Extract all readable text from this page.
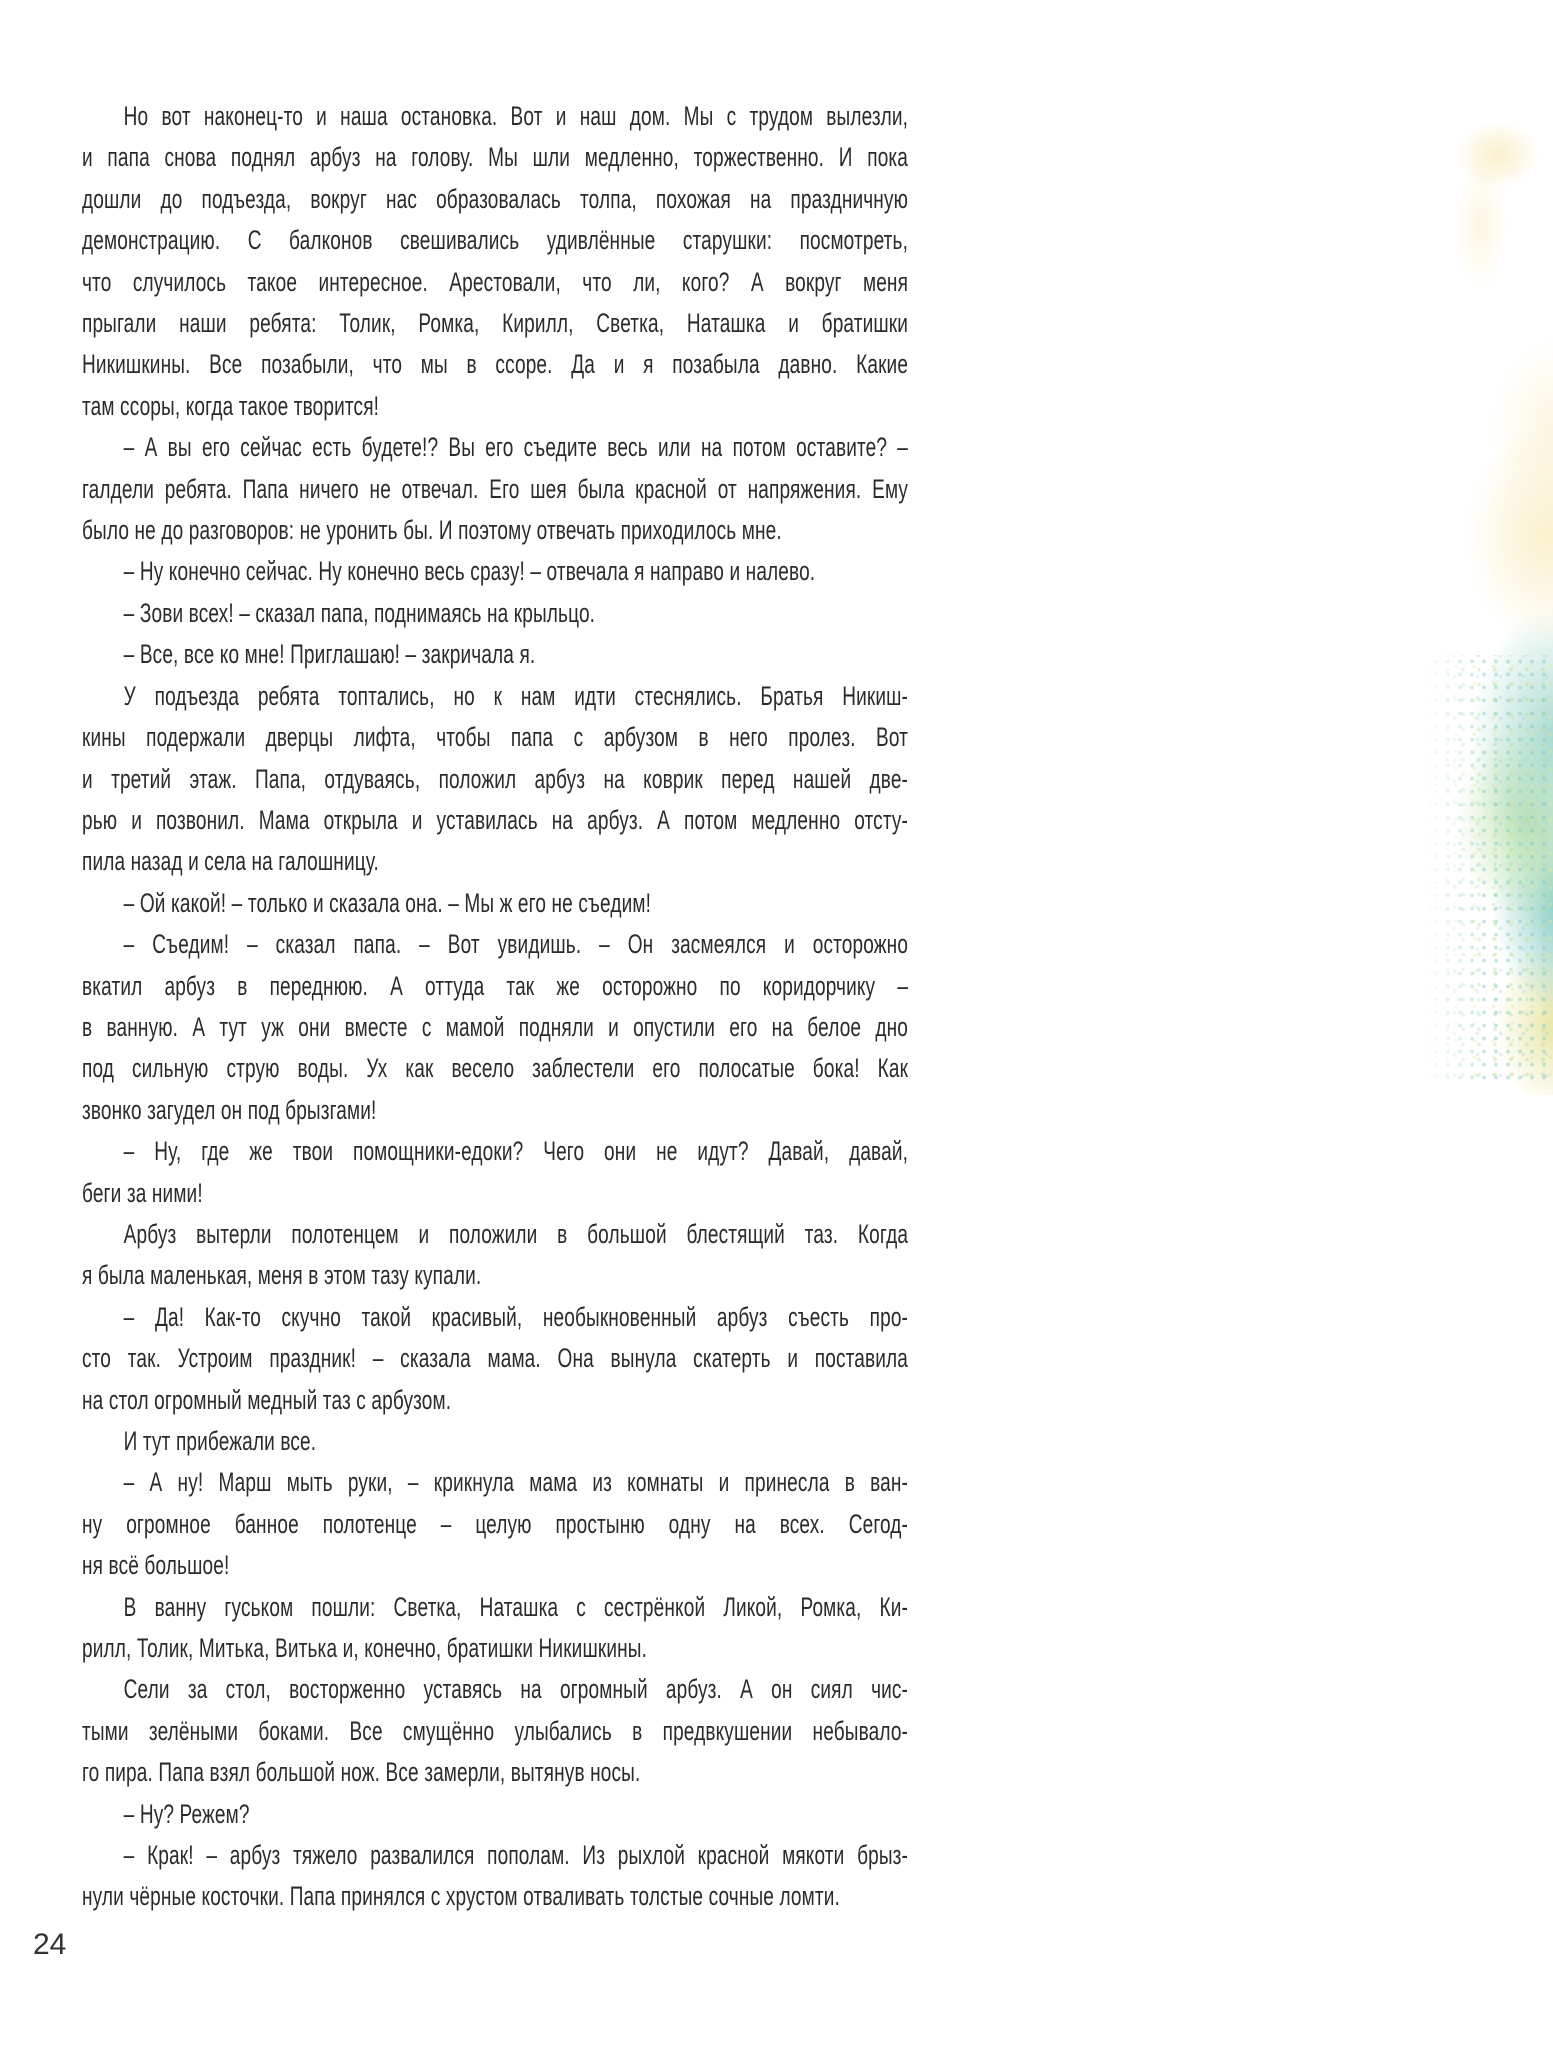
Но вот наконец-то и наша остановка. Вот и наш дом. Мы с трудом вылезли,
и папа снова поднял арбуз на голову. Мы шли медленно, торжественно. И пока
дошли до подъезда, вокруг нас образовалась толпа, похожая на праздничную
демонстрацию. С балконов свешивались удивлённые старушки: посмотреть,
что случилось такое интересное. Арестовали, что ли, кого? А вокруг меня
прыгали наши ребята: Толик, Ромка, Кирилл, Светка, Наташка и братишки
Никишкины. Все позабыли, что мы в ссоре. Да и я позабыла давно. Какие
там ссоры, когда такое творится!
– А вы его сейчас есть будете!? Вы его съедите весь или на потом оставите? –
галдели ребята. Папа ничего не отвечал. Его шея была красной от напряжения. Ему
было не до разговоров: не уронить бы. И поэтому отвечать приходилось мне.
– Ну конечно сейчас. Ну конечно весь сразу! – отвечала я направо и налево.
– Зови всех! – сказал папа, поднимаясь на крыльцо.
– Все, все ко мне! Приглашаю! – закричала я.
У подъезда ребята топтались, но к нам идти стеснялись. Братья Никиш-
кины подержали дверцы лифта, чтобы папа с арбузом в него пролез. Вот
и третий этаж. Папа, отдуваясь, положил арбуз на коврик перед нашей две-
рью и позвонил. Мама открыла и уставилась на арбуз. А потом медленно отсту-
пила назад и села на галошницу.
– Ой какой! – только и сказала она. – Мы ж его не съедим!
– Съедим! – сказал папа. – Вот увидишь. – Он засмеялся и осторожно
вкатил арбуз в переднюю. А оттуда так же осторожно по коридорчику –
в ванную. А тут уж они вместе с мамой подняли и опустили его на белое дно
под сильную струю воды. Ух как весело заблестели его полосатые бока! Как
звонко загудел он под брызгами!
– Ну, где же твои помощники-едоки? Чего они не идут? Давай, давай,
беги за ними!
Арбуз вытерли полотенцем и положили в большой блестящий таз. Когда
я была маленькая, меня в этом тазу купали.
– Да! Как-то скучно такой красивый, необыкновенный арбуз съесть про-
сто так. Устроим праздник! – сказала мама. Она вынула скатерть и поставила
на стол огромный медный таз с арбузом.
И тут прибежали все.
– А ну! Марш мыть руки, – крикнула мама из комнаты и принесла в ван-
ну огромное банное полотенце – целую простыню одну на всех. Сегод-
ня всё большое!
В ванну гуськом пошли: Светка, Наташка с сестрёнкой Ликой, Ромка, Ки-
рилл, Толик, Митька, Витька и, конечно, братишки Никишкины.
Сели за стол, восторженно уставясь на огромный арбуз. А он сиял чис-
тыми зелёными боками. Все смущённо улыбались в предвкушении небывало-
го пира. Папа взял большой нож. Все замерли, вытянув носы.
– Ну? Режем?
– Крак! – арбуз тяжело развалился пополам. Из рыхлой красной мякоти брыз-
нули чёрные косточки. Папа принялся с хрустом отваливать толстые сочные ломти.
24
